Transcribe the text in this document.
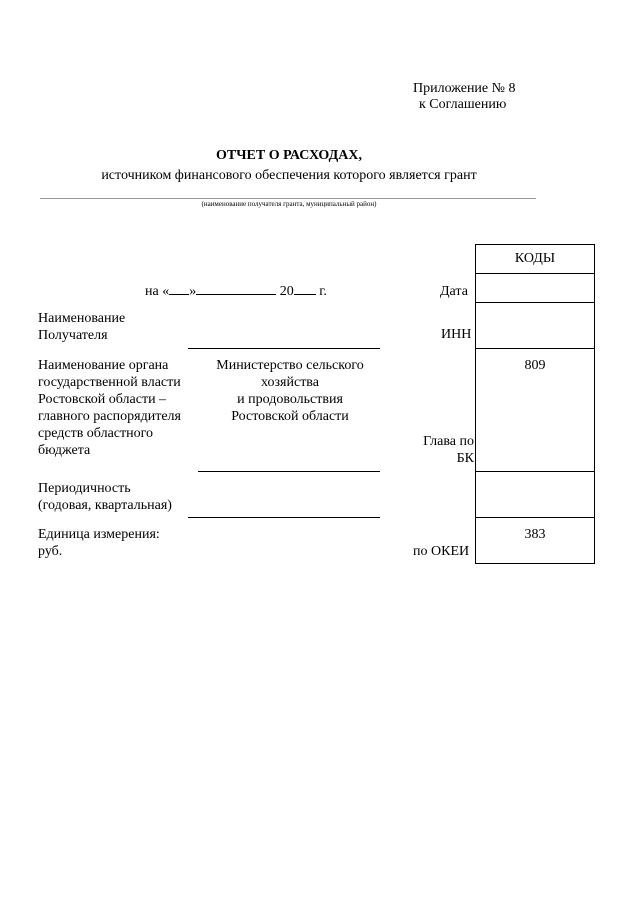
Приложение № 8
к Соглашению
ОТЧЕТ О РАСХОДАХ,
источником финансового обеспечения которого является грант
(наименование получателя гранта, муниципальный район)
на « »	20 г.
Наименование
Получателя
Наименование органа
государственной власти
Ростовской области –
главного распорядителя
средств областного
бюджета
Министерство сельского
хозяйства
и продовольствия
Ростовской области
Периодичность
(годовая, квартальная)
Единица измерения:
руб.
Дата
ИНН
Глава по
БК
по ОКЕИ
КОДЫ
809
383
